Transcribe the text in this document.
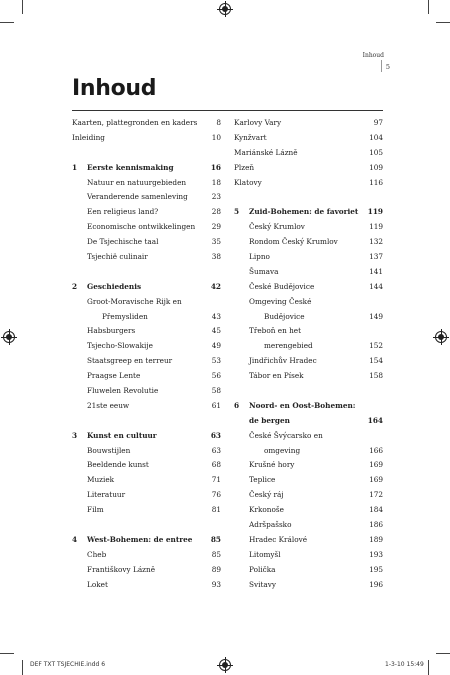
Inhoud
5
Inhoud
Kaarten, plattegronden en kaders	8
Inleiding	10
1 Eerste kennismaking	16
Natuur en natuurgebieden	18
Veranderende samenleving	23
Een religieus land?	28
Economische ontwikkelingen 29
De Tsjechische taal	35
Tsjechië culinair	38
2 Geschiedenis	42
Groot-Moravische Rijk en
Přemysliden	43
Habsburgers	45
Tsjecho-Slowakije	49
Staatsgreep en terreur	53
Praagse Lente	56
Fluwelen Revolutie	58
21ste eeuw	61
3 Kunst en cultuur	63
Bouwstijlen	63
Beeldende kunst	68
Muziek	71
Literatuur	76
Film	81
4 West-Bohemen: de entree	85
Cheb	85
Františkovy Lázně	89
Loket	93
Karlovy Vary	97
Kynžvart	104
Mariánské Lázně	105
Plzeň	109
Klatovy	116
5 Zuid-Bohemen: de favoriet 119
Český Krumlov	119
Rondom Český Krumlov	132
Lipno	137
Šumava	141
České Budějovice	144
Omgeving České
Budějovice	149
Třeboň en het
merengebied	152
Jindřichův Hradec	154
Tábor en Písek	158
6 Noord- en Oost-Bohemen:
de bergen	164
České Švýcarsko en
omgeving	166
Krušné hory	169
Teplice	169
Český ráj	172
Krkonoše	184
Adršpašsko	186
Hradec Králové	189
Litomyšl	193
Polička	195
Svitavy	196
DEF TXT TSJECHIE.indd 6	1-3-10 15:49
